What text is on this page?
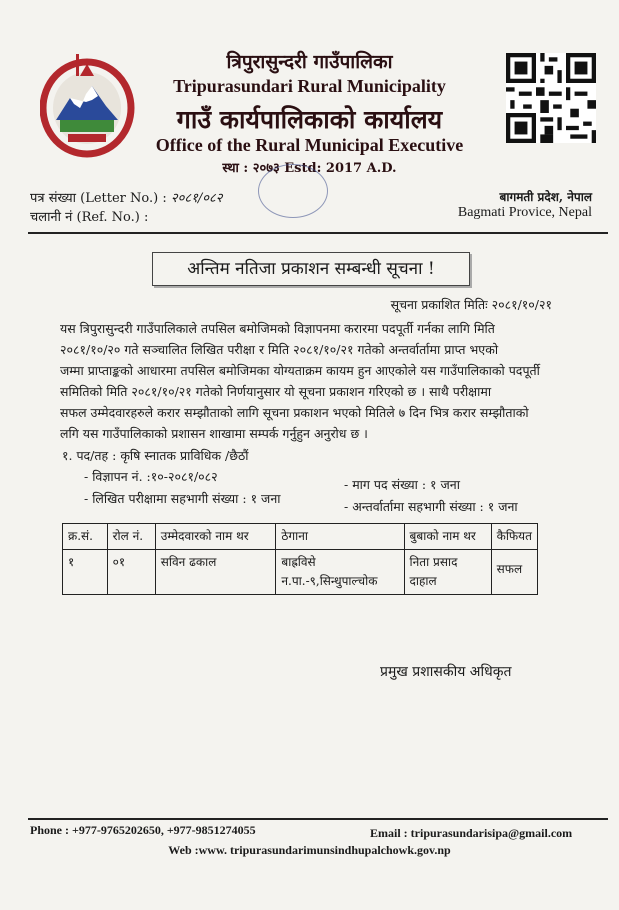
त्रिपुरासुन्दरी गाउँपालिका
Tripurasundari Rural Municipality
गाउँ कार्यपालिकाको कार्यालय
Office of the Rural Municipal Executive
स्था : २०७३ Estd: 2017 A.D.
पत्र संख्या (Letter No.) : २०८१/०८२
चलानी नं (Ref. No.) :
बागमती प्रदेश, नेपाल
Bagmati Provice, Nepal
अन्तिम नतिजा प्रकाशन सम्बन्धी सूचना !
सूचना प्रकाशित मितिः २०८१/१०/२१
यस त्रिपुरासुन्दरी गाउँपालिकाले तपसिल बमोजिमको विज्ञापनमा करारमा पदपूर्ती गर्नका लागि मिति
२०८१/१०/२० गते सञ्चालित लिखित परीक्षा र मिति २०८१/१०/२१ गतेको अन्तर्वार्तामा प्राप्त भएको
जम्मा प्राप्ताङ्कको आधारमा तपसिल बमोजिमका योग्यताक्रम कायम हुन आएकोले यस गाउँपालिकाको पदपूर्ती
समितिको मिति २०८१/१०/२१ गतेको निर्णयानुसार यो सूचना प्रकाशन गरिएको छ । साथै परीक्षामा
सफल उम्मेदवारहरुले करार सम्झौताको लागि सूचना प्रकाशन भएको मितिले ७ दिन भित्र करार सम्झौताको
लगि यस गाउँपालिकाको प्रशासन शाखामा सम्पर्क गर्नुहुन अनुरोध छ ।
१. पद/तह : कृषि स्नातक प्राविधिक /छैठौं
- विज्ञापन नं. :१०-२०८१/०८२
- माग पद संख्या : १ जना
- लिखित परीक्षामा सहभागी संख्या : १ जना
- अन्तर्वार्तामा सहभागी संख्या : १ जना
क्र.सं.	रोल नं.	उम्मेदवारको नाम थर	ठेगाना	बुबाको नाम थर	कैफियत
१	०१	सविन ढकाल	बाह्रविसे न.पा.-९,सिन्धुपाल्चोक	निता प्रसाद दाहाल	सफल
प्रमुख प्रशासकीय अधिकृत
Phone : +977-9765202650, +977-9851274055	Email : tripurasundarisipa@gmail.com
Web :www. tripurasundarimunsindhupalchowk.gov.np
